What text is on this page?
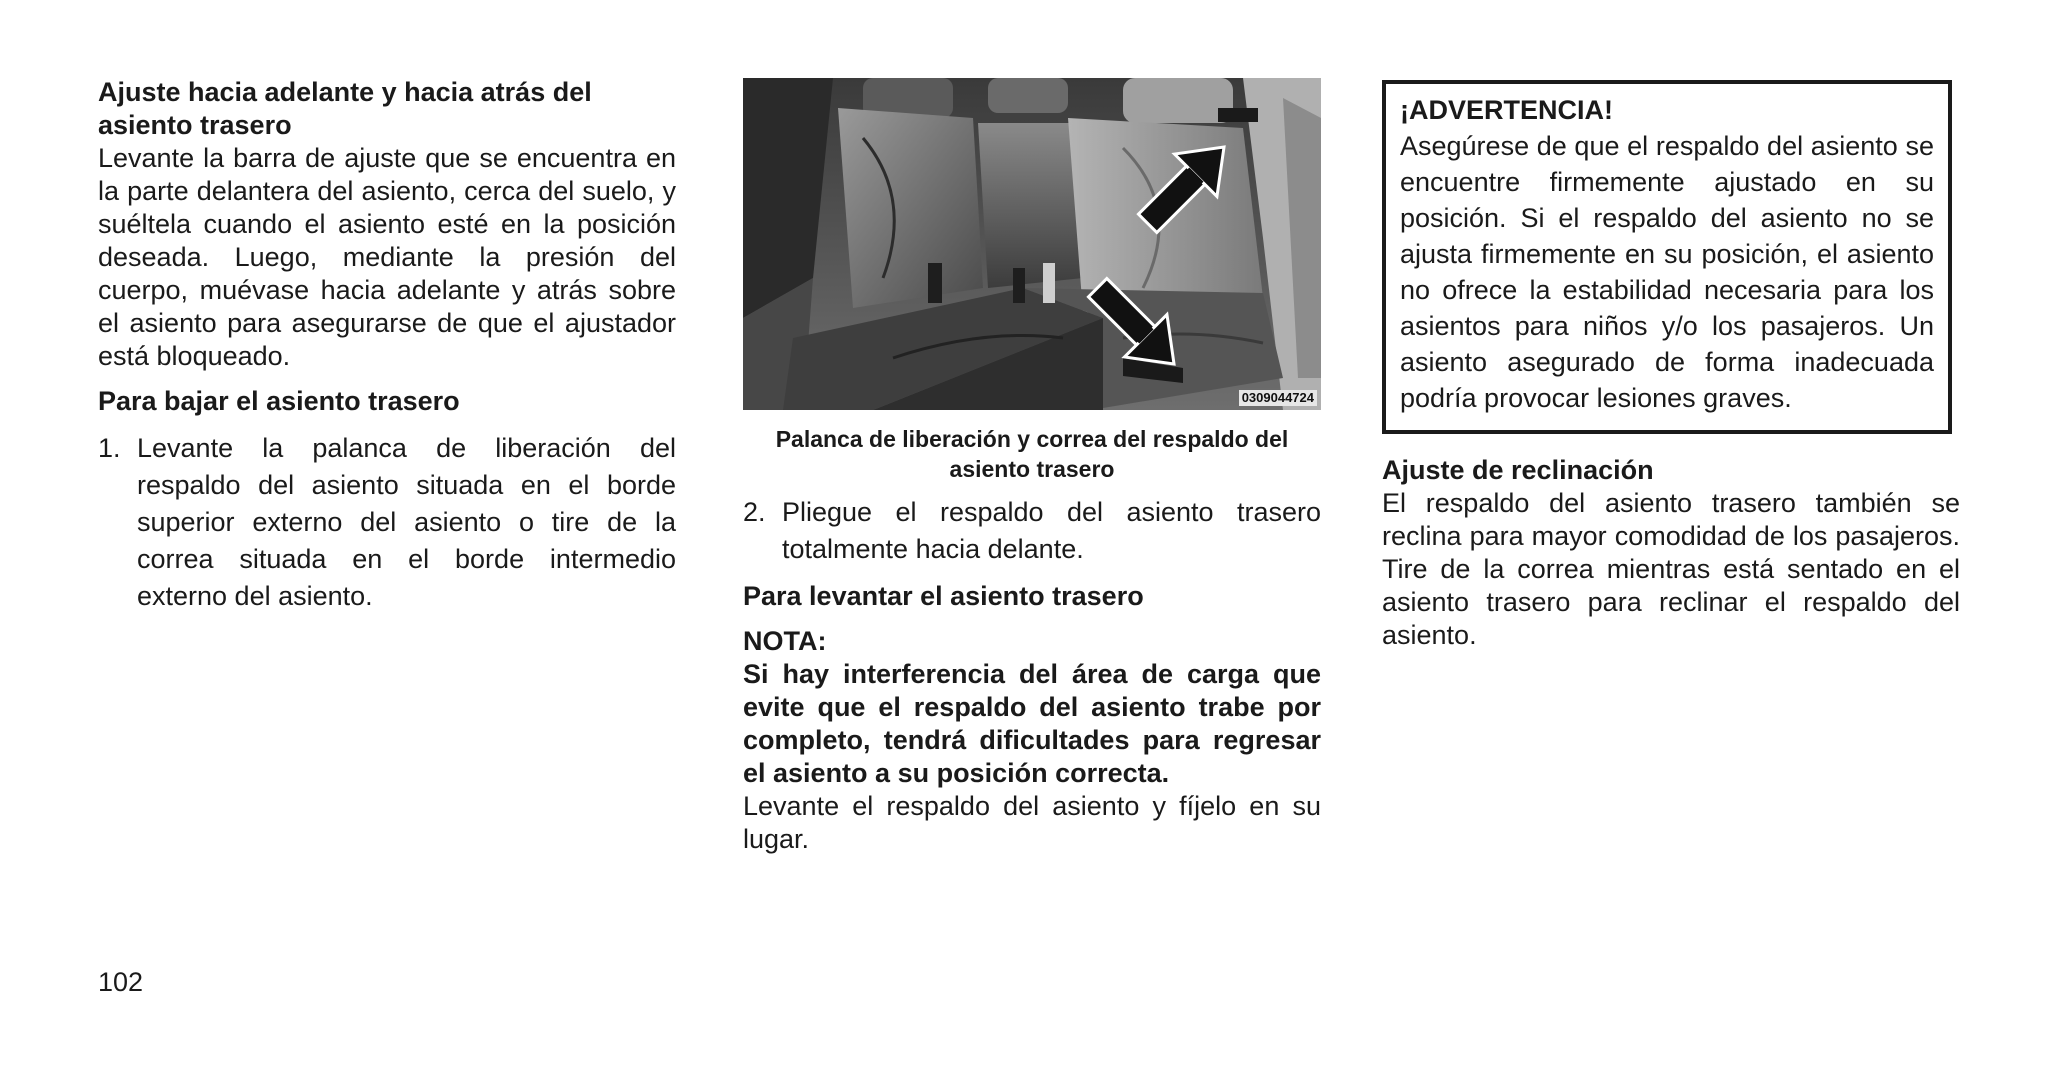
Ajuste hacia adelante y hacia atrás del asiento trasero

Levante la barra de ajuste que se encuentra en la parte delantera del asiento, cerca del suelo, y suéltela cuando el asiento esté en la posición deseada. Luego, mediante la presión del cuerpo, muévase hacia adelante y atrás sobre el asiento para asegurarse de que el ajustador está bloqueado.

Para bajar el asiento trasero

1. Levante la palanca de liberación del respaldo del asiento situada en el borde superior externo del asiento o tire de la correa situada en el borde intermedio externo del asiento.
0309044724

Palanca de liberación y correa del respaldo del asiento trasero

2. Pliegue el respaldo del asiento trasero totalmente hacia delante.

Para levantar el asiento trasero

NOTA:

Si hay interferencia del área de carga que evite que el respaldo del asiento trabe por completo, tendrá dificultades para regresar el asiento a su posición correcta.

Levante el respaldo del asiento y fíjelo en su lugar.

¡ADVERTENCIA!

Asegúrese de que el respaldo del asiento se encuentre firmemente ajustado en su posición. Si el respaldo del asiento no se ajusta firmemente en su posición, el asiento no ofrece la estabilidad necesaria para los asientos para niños y/o los pasajeros. Un asiento asegurado de forma inadecuada podría provocar lesiones graves.

Ajuste de reclinación

El respaldo del asiento trasero también se reclina para mayor comodidad de los pasajeros. Tire de la correa mientras está sentado en el asiento trasero para reclinar el respaldo del asiento.

102
